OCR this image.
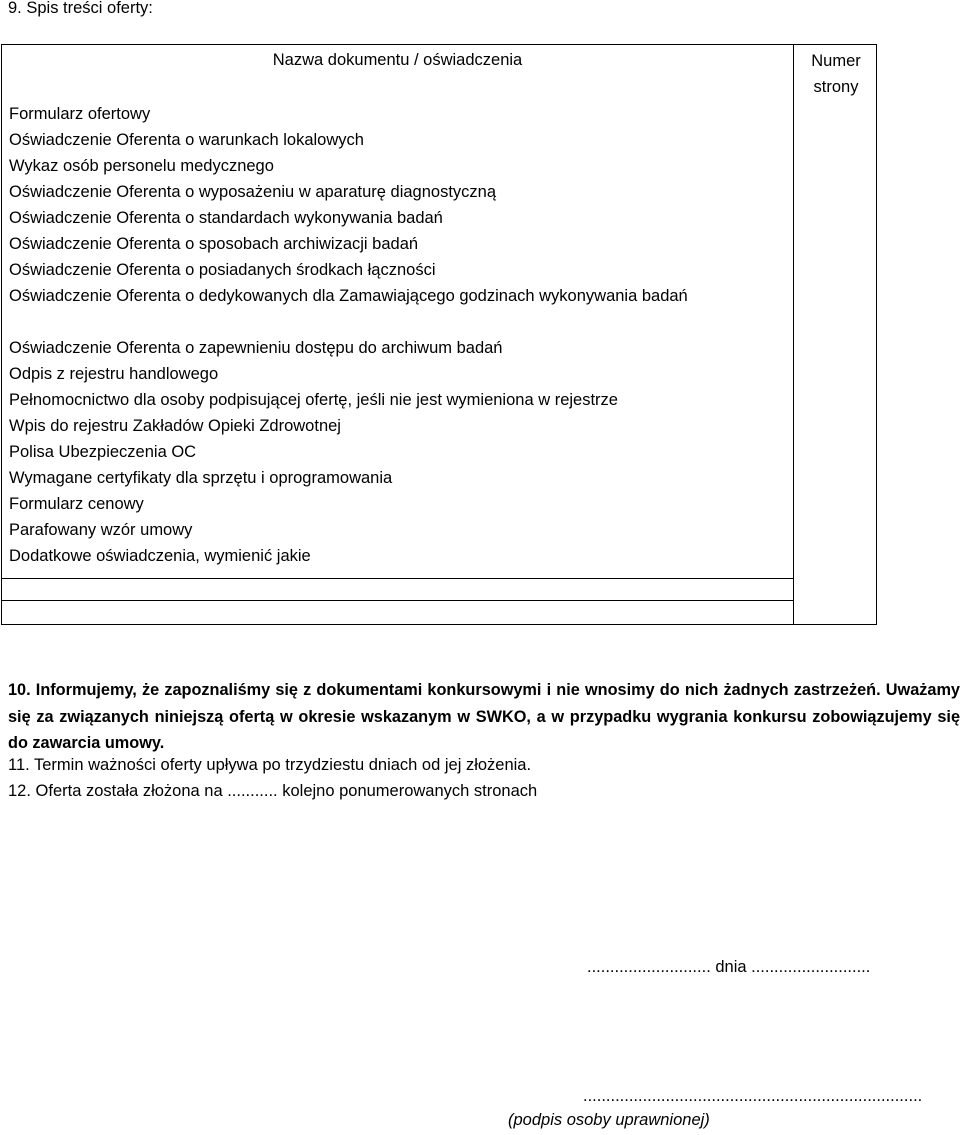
9. Spis treści oferty:
Nazwa dokumentu / oświadczenia	Numer strony
Formularz ofertowy
Oświadczenie Oferenta o warunkach lokalowych
Wykaz osób personelu medycznego
Oświadczenie Oferenta o wyposażeniu w aparaturę diagnostyczną
Oświadczenie Oferenta o standardach wykonywania badań
Oświadczenie Oferenta o sposobach archiwizacji badań
Oświadczenie Oferenta o posiadanych środkach łączności
Oświadczenie Oferenta o dedykowanych dla Zamawiającego godzinach wykonywania badań
Oświadczenie Oferenta o zapewnieniu dostępu do archiwum badań
Odpis z rejestru handlowego
Pełnomocnictwo dla osoby podpisującej ofertę, jeśli nie jest wymieniona w rejestrze
Wpis do rejestru Zakładów Opieki Zdrowotnej
Polisa Ubezpieczenia OC
Wymagane certyfikaty dla sprzętu i oprogramowania
Formularz cenowy
Parafowany wzór umowy
Dodatkowe oświadczenia, wymienić jakie
10. Informujemy, że zapoznaliśmy się z dokumentami konkursowymi i nie wnosimy do nich żadnych zastrzeżeń. Uważamy się za związanych niniejszą ofertą w okresie wskazanym w SWKO, a w przypadku wygrania konkursu zobowiązujemy się do zawarcia umowy.
11. Termin ważności oferty upływa po trzydziestu dniach od jej złożenia.
12. Oferta została złożona na ........... kolejno ponumerowanych stronach
........................... dnia ..........................
..........................................................................
(podpis osoby uprawnionej)
